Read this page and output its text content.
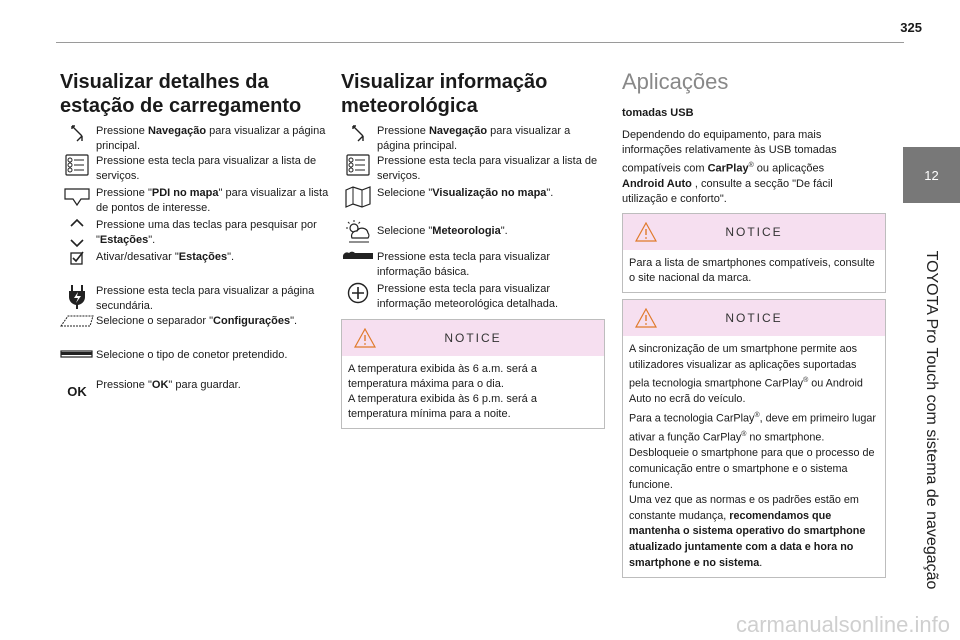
325
12
TOYOTA Pro Touch com sistema de navegação
Visualizar detalhes da
estação de carregamento
Pressione Navegação para visualizar a página principal.
Pressione esta tecla para visualizar a lista de serviços.
Pressione "PDI no mapa" para visualizar a lista de pontos de interesse.
Pressione uma das teclas para pesquisar por "Estações".
Ativar/desativar "Estações".
Pressione esta tecla para visualizar a página secundária.
Selecione o separador "Configurações".
Selecione o tipo de conetor pretendido.
OK Pressione "OK" para guardar.
Visualizar informação
meteorológica
Pressione Navegação para visualizar a página principal.
Pressione esta tecla para visualizar a lista de serviços.
Selecione "Visualização no mapa".
Selecione "Meteorologia".
Pressione esta tecla para visualizar informação básica.
Pressione esta tecla para visualizar informação meteorológica detalhada.
NOTICE

A temperatura exibida às 6 a.m. será a temperatura máxima para o dia.

A temperatura exibida às 6 p.m. será a temperatura mínima para a noite.

Aplicações
tomadas USB
Dependendo do equipamento, para mais informações relativamente às USB tomadas compatíveis com CarPlay® ou aplicações Android Auto , consulte a secção "De fácil utilização e conforto".
NOTICE

Para a lista de smartphones compatíveis, consulte o site nacional da marca.

NOTICE

A sincronização de um smartphone permite aos utilizadores visualizar as aplicações suportadas pela tecnologia smartphone CarPlay® ou Android Auto no ecrã do veículo.

Para a tecnologia CarPlay®, deve em primeiro lugar ativar a função CarPlay® no smartphone.

Desbloqueie o smartphone para que o processo de comunicação entre o smartphone e o sistema funcione.

Uma vez que as normas e os padrões estão em constante mudança, recomendamos que mantenha o sistema operativo do smartphone atualizado juntamente com a data e hora no smartphone e no sistema.

carmanualsonline.info
